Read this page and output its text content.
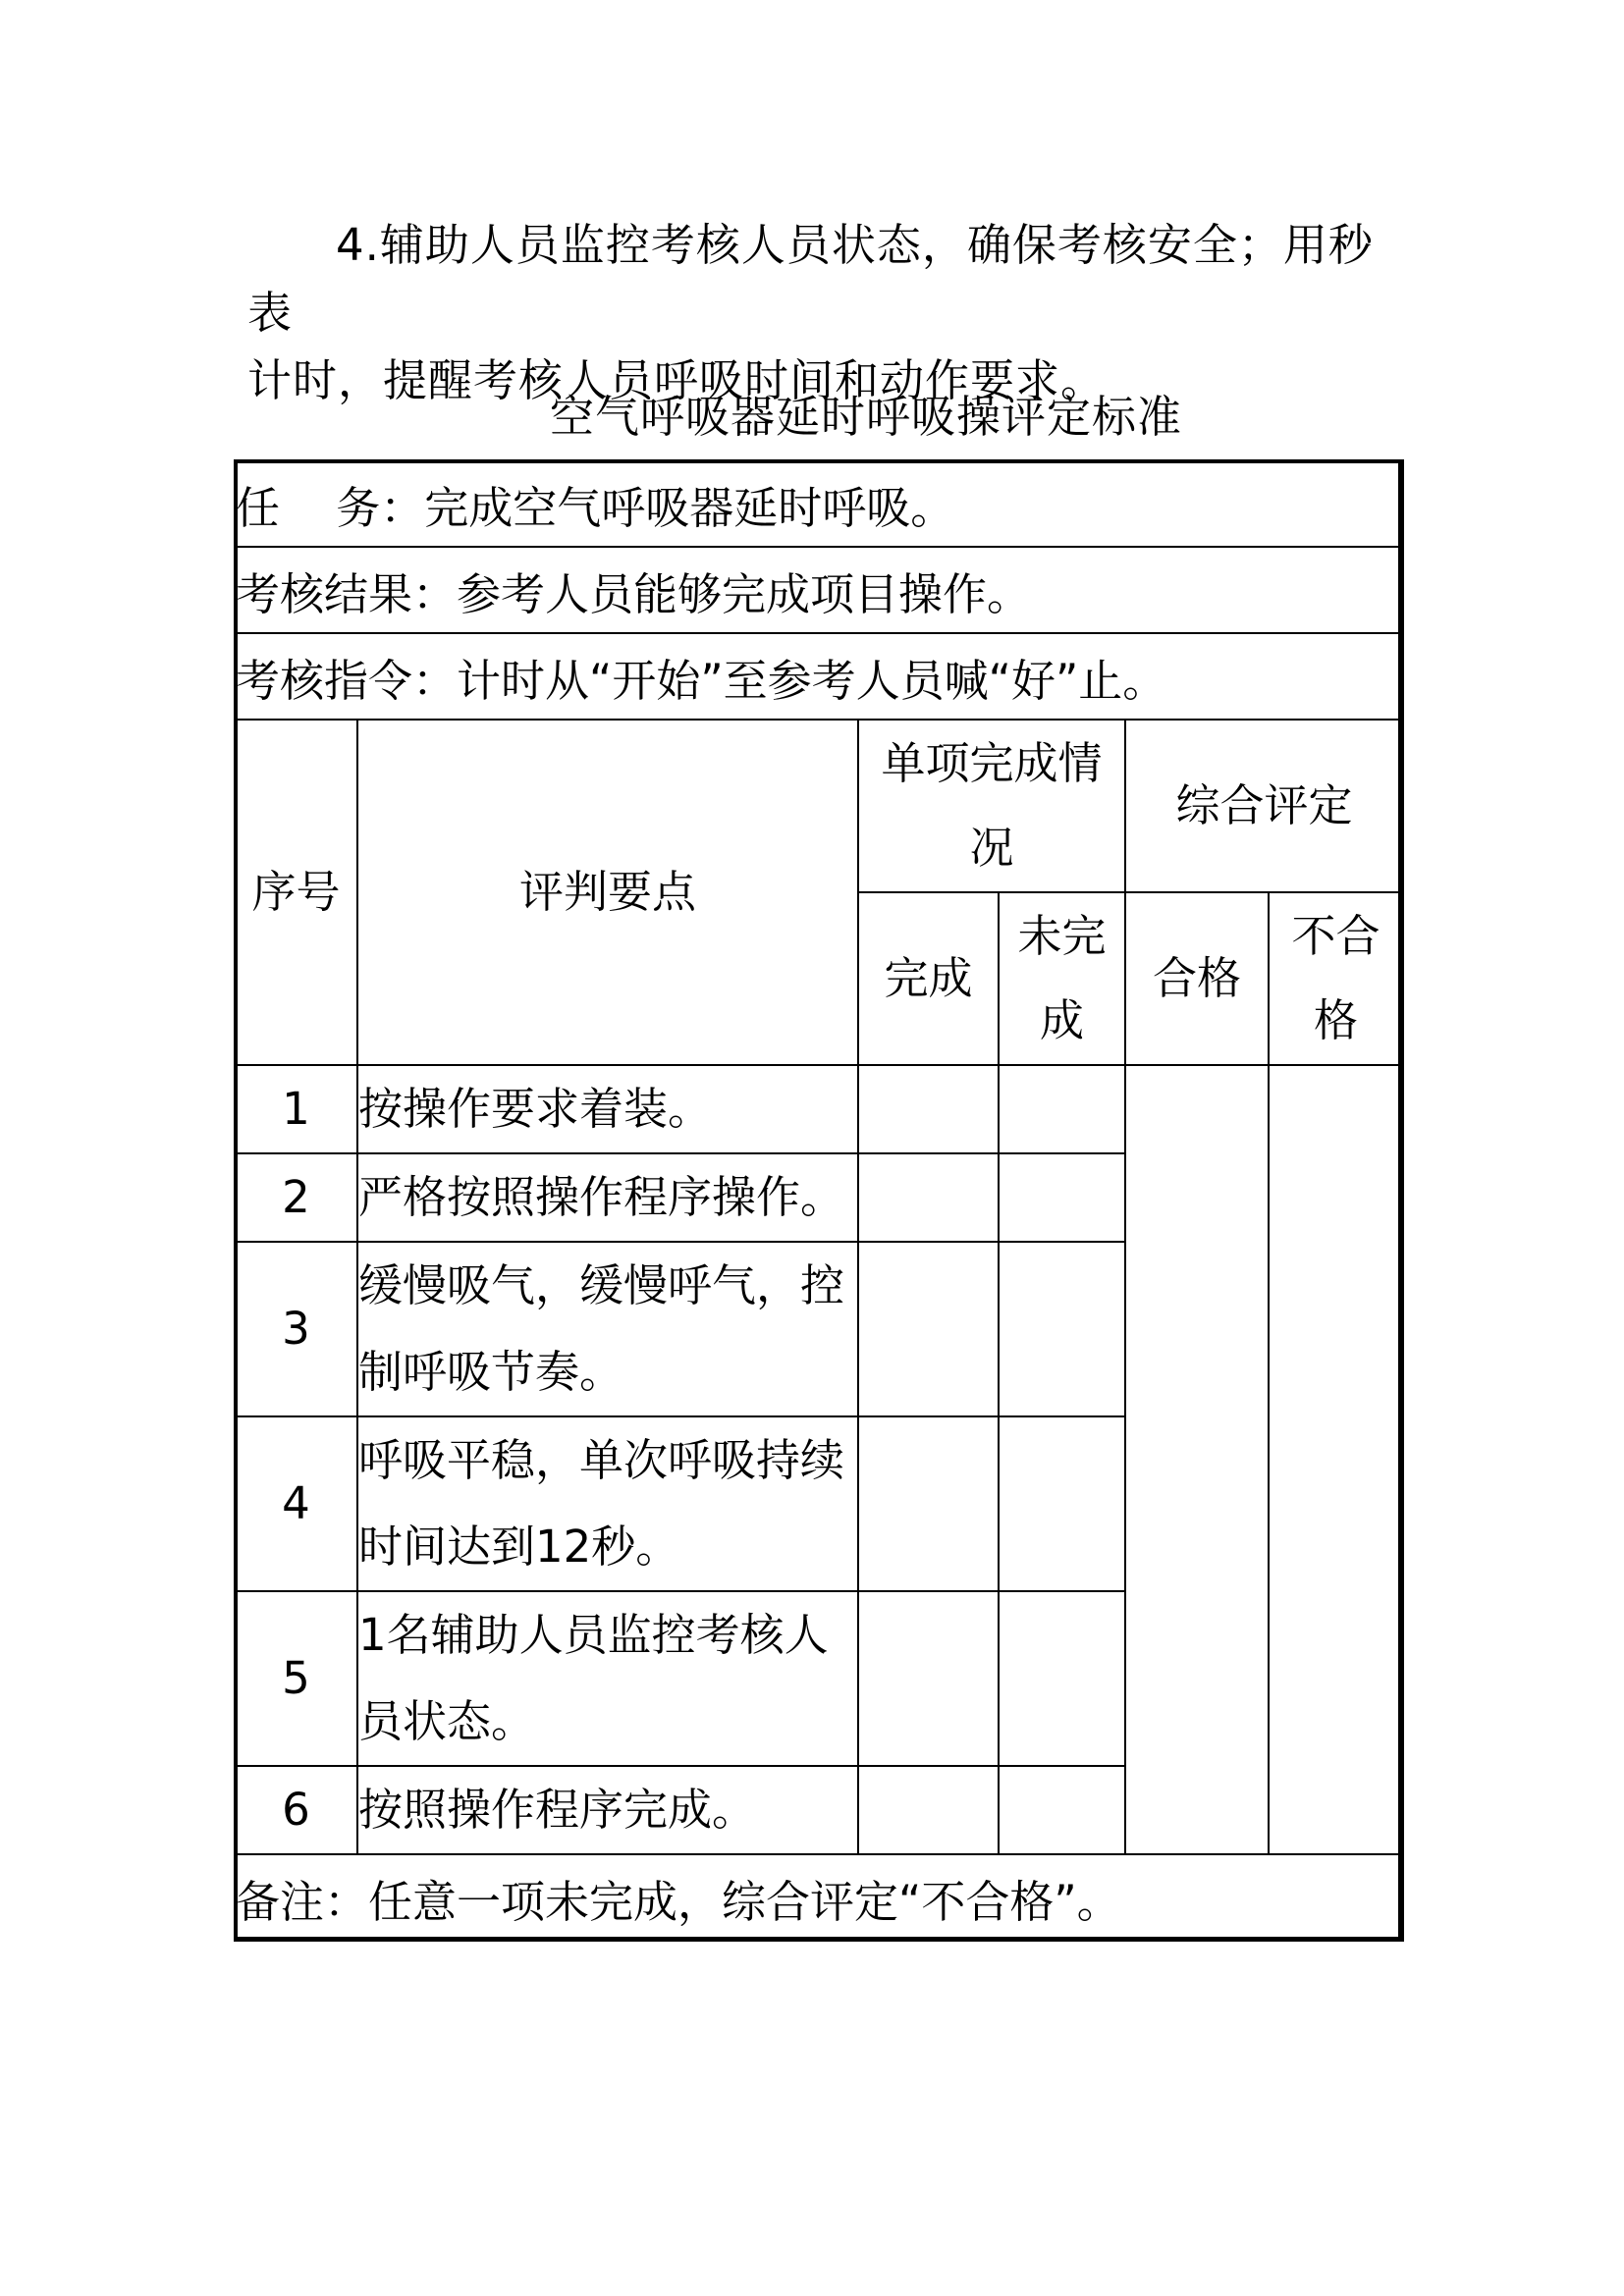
4.辅助人员监控考核人员状态，确保考核安全；用秒表
计时，提醒考核人员呼吸时间和动作要求。
空气呼吸器延时呼吸操评定标准
任    务：完成空气呼吸器延时呼吸。					
考核结果：参考人员能够完成项目操作。					
考核指令：计时从“开始”至参考人员喊“好”止。					
序号	评判要点	单项完成情况		综合评定	
		完成	未完成	合格	不合格
1	按操作要求着装。				
2	严格按照操作程序操作。				
3	缓慢吸气，缓慢呼气，控制呼吸节奏。				
4	呼吸平稳，单次呼吸持续时间达到12秒。				
5	1名辅助人员监控考核人员状态。				
6	按照操作程序完成。				

备注：任意一项未完成，综合评定“不合格”。					
